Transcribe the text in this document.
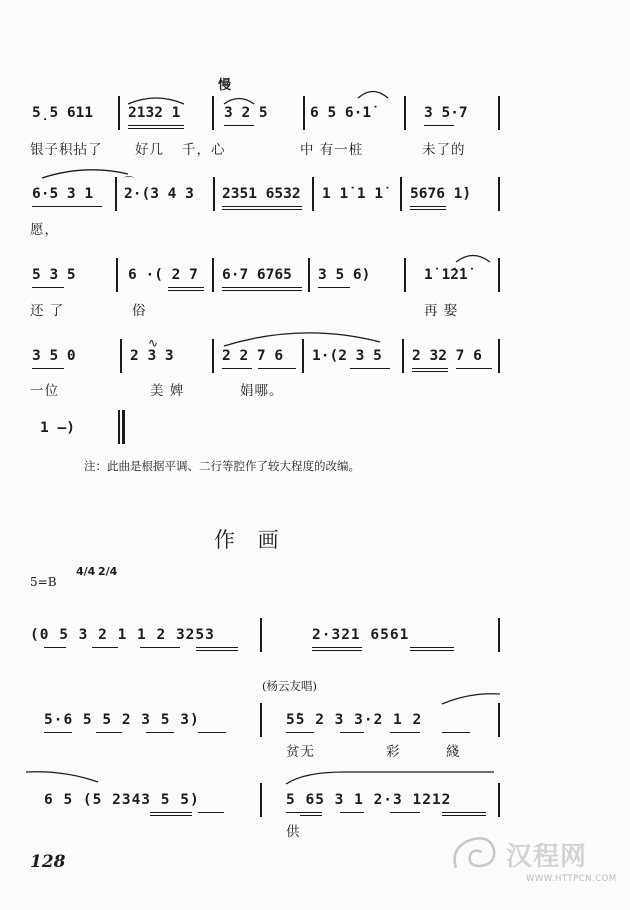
慢
5̣5 611 2132 1	3 2 5	6 5 6·1̇	3 5·7
银子积拈了 好几 千，心	中 有一桩	未了的
6·5 3 1 2·(3 4 3 2351 6532 1 1̇ 1 1̇ 5676 1̇)
⌒
愿，
5 3 5	6 ·( 2 7 6·7 6765 3 5 6)	1̇ 1̇2̇1̇
还 了	俗	再 娶
∿
3 5 0	2 3 3	2 2 7 6 1·(2 3 5 2 32 7 6
一位	美 婢	娟哪。
1 —)
注：此曲是根据平调、二行等腔作了较大程度的改编。
作 画
5=B
4/4 2/4
(0 5 3 2 1 1 2 3253	2·321 6561
(杨云友唱)
5·6 5 5 2 3 5 3)	5̇5 2 3 3·2 1 2
贫无	彩	綫
6 5 (5 2343 5 5)	5 65 3 1 2·3 1212
供
128	汉程网
WWW.HTTPCN.COM
